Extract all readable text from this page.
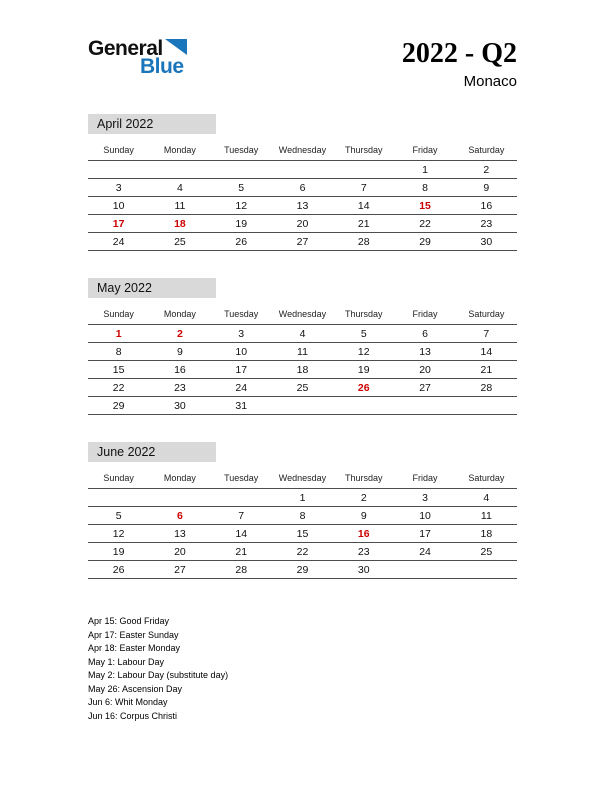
General
Blue	2022 - Q2
Monaco
April 2022
Sunday	Monday	Tuesday	Wednesday	Thursday	Friday	Saturday
					1	2
3	4	5	6	7	8	9
10	11	12	13	14	15	16
17	18	19	20	21	22	23
24	25	26	27	28	29	30
May 2022
Sunday	Monday	Tuesday	Wednesday	Thursday	Friday	Saturday
1	2	3	4	5	6	7
8	9	10	11	12	13	14
15	16	17	18	19	20	21
22	23	24	25	26	27	28
29	30	31				
June 2022
Sunday	Monday	Tuesday	Wednesday	Thursday	Friday	Saturday
			1	2	3	4
5	6	7	8	9	10	11
12	13	14	15	16	17	18
19	20	21	22	23	24	25
26	27	28	29	30		
Apr 15: Good Friday
Apr 17: Easter Sunday
Apr 18: Easter Monday
May 1: Labour Day
May 2: Labour Day (substitute day)
May 26: Ascension Day
Jun 6: Whit Monday
Jun 16: Corpus Christi
